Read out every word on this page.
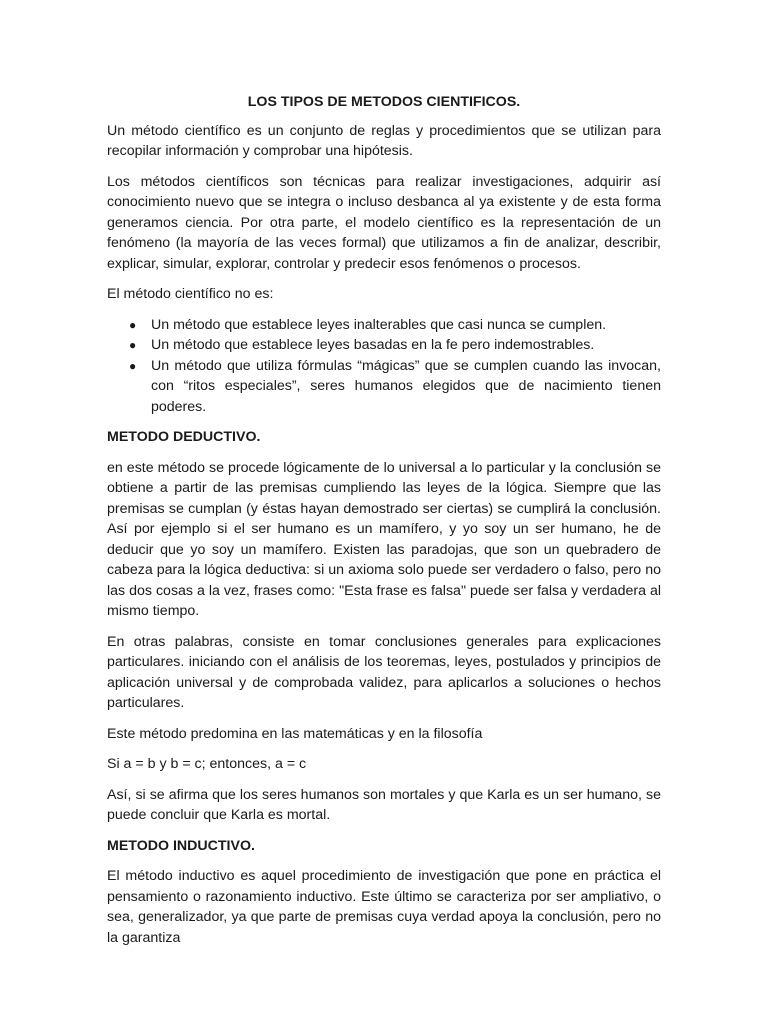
LOS TIPOS DE METODOS CIENTIFICOS.

Un método científico es un conjunto de reglas y procedimientos que se utilizan para recopilar información y comprobar una hipótesis.

Los métodos científicos son técnicas para realizar investigaciones, adquirir así conocimiento nuevo que se integra o incluso desbanca al ya existente y de esta forma generamos ciencia. Por otra parte, el modelo científico es la representación de un fenómeno (la mayoría de las veces formal) que utilizamos a fin de analizar, describir, explicar, simular, explorar, controlar y predecir esos fenómenos o procesos.

El método científico no es:

● Un método que establece leyes inalterables que casi nunca se cumplen.
● Un método que establece leyes basadas en la fe pero indemostrables.
● Un método que utiliza fórmulas “mágicas” que se cumplen cuando las invocan, con “ritos especiales”, seres humanos elegidos que de nacimiento tienen poderes.
METODO DEDUCTIVO.

en este método se procede lógicamente de lo universal a lo particular y la conclusión se obtiene a partir de las premisas cumpliendo las leyes de la lógica. Siempre que las premisas se cumplan (y éstas hayan demostrado ser ciertas) se cumplirá la conclusión. Así por ejemplo si el ser humano es un mamífero, y yo soy un ser humano, he de deducir que yo soy un mamífero. Existen las paradojas, que son un quebradero de cabeza para la lógica deductiva: si un axioma solo puede ser verdadero o falso, pero no las dos cosas a la vez, frases como: "Esta frase es falsa" puede ser falsa y verdadera al mismo tiempo.

En otras palabras, consiste en tomar conclusiones generales para explicaciones particulares. iniciando con el análisis de los teoremas, leyes, postulados y principios de aplicación universal y de comprobada validez, para aplicarlos a soluciones o hechos particulares.

Este método predomina en las matemáticas y en la filosofía

Si a = b y b = c; entonces, a = c

Así, si se afirma que los seres humanos son mortales y que Karla es un ser humano, se puede concluir que Karla es mortal.

METODO INDUCTIVO.

El método inductivo es aquel procedimiento de investigación que pone en práctica el pensamiento o razonamiento inductivo. Este último se caracteriza por ser ampliativo, o sea, generalizador, ya que parte de premisas cuya verdad apoya la conclusión, pero no la garantiza
